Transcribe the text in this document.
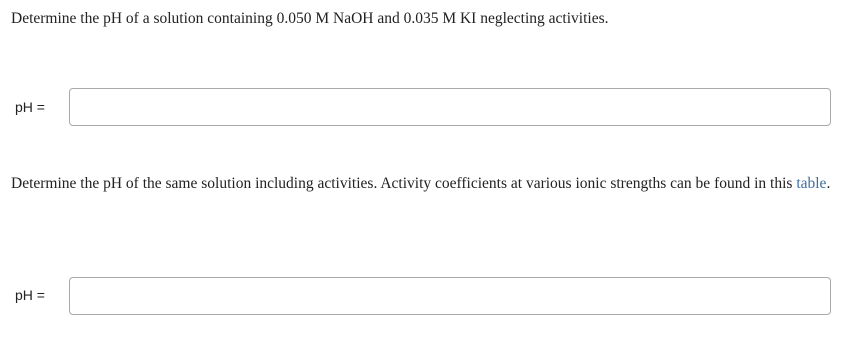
Determine the pH of a solution containing 0.050 M NaOH and 0.035 M KI neglecting activities.
pH =
Determine the pH of the same solution including activities. Activity coefficients at various ionic strengths can be found in this table.
pH =
